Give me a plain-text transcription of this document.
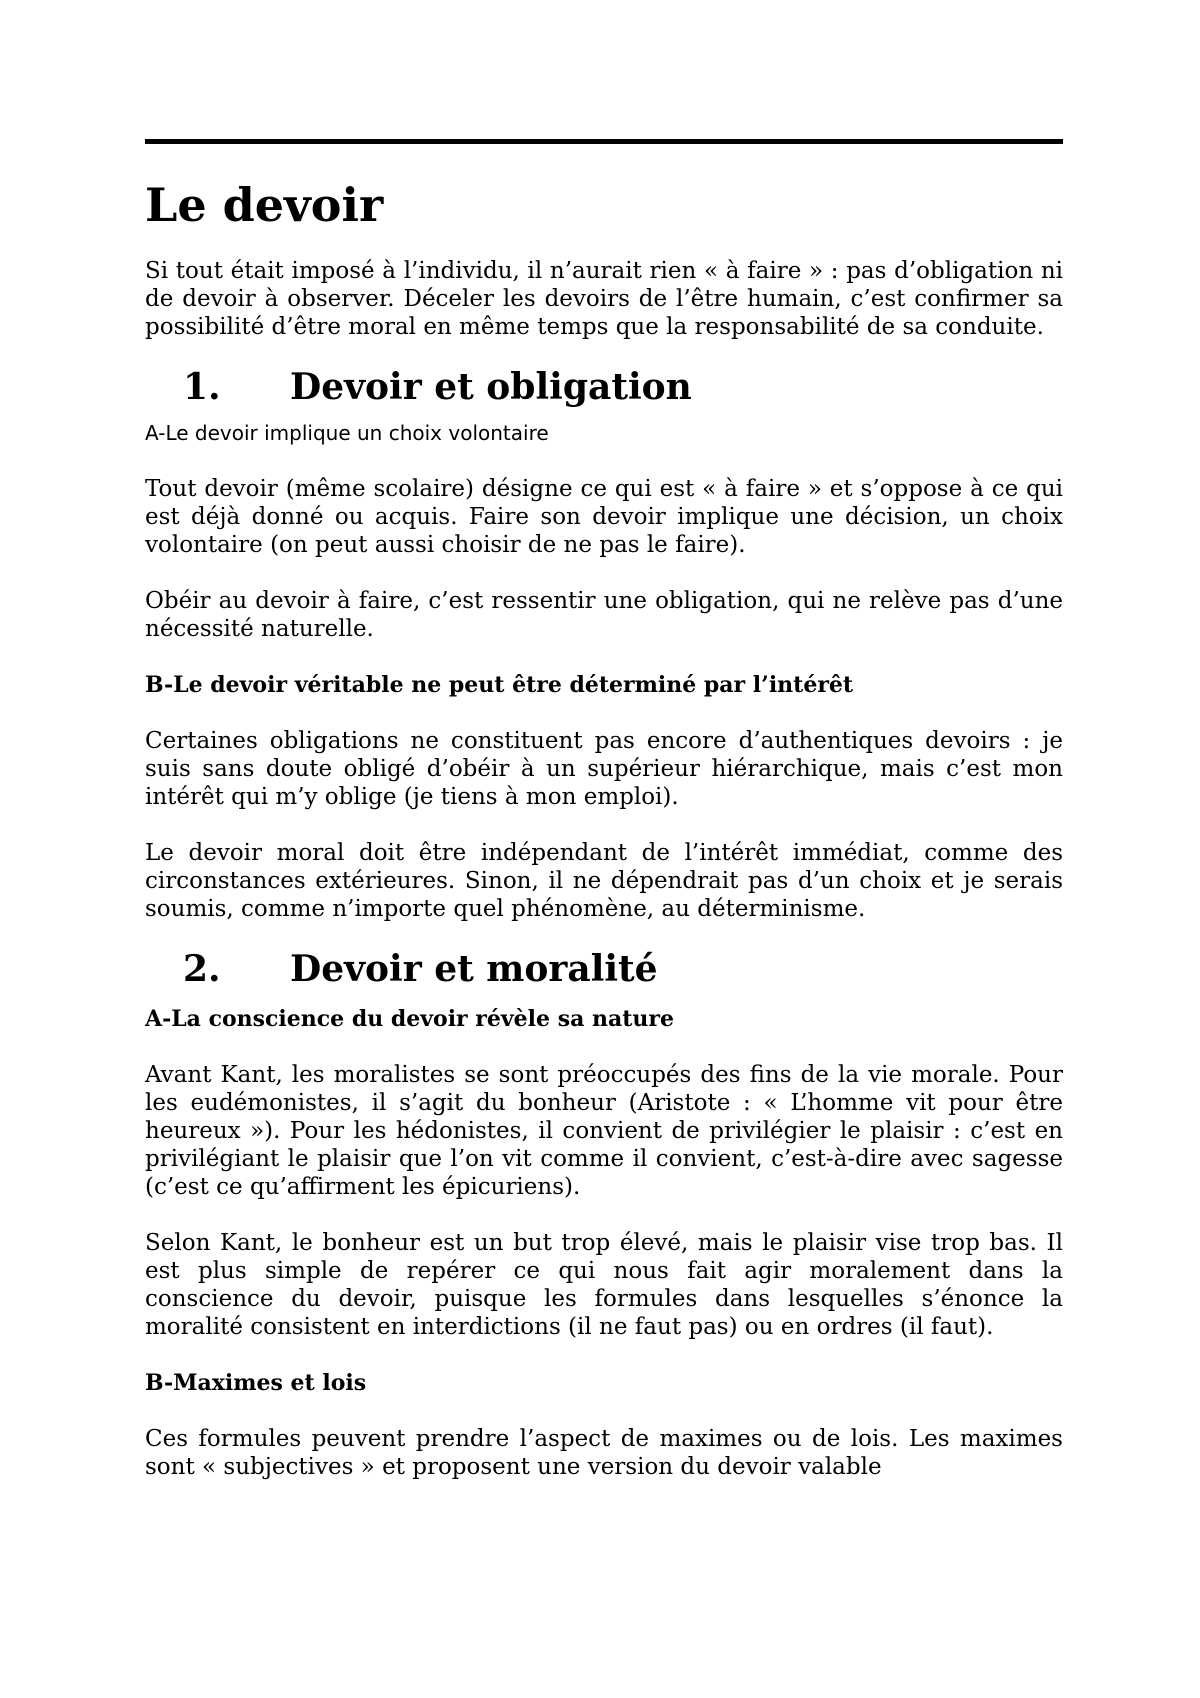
Le devoir

Si tout était imposé à l’individu, il n’aurait rien « à faire » : pas d’obligation ni de devoir à observer. Déceler les devoirs de l’être humain, c’est confirmer sa possibilité d’être moral en même temps que la responsabilité de sa conduite.

1.	Devoir et obligation

A-Le devoir implique un choix volontaire

Tout devoir (même scolaire) désigne ce qui est « à faire » et s’oppose à ce qui est déjà donné ou acquis. Faire son devoir implique une décision, un choix volontaire (on peut aussi choisir de ne pas le faire).

Obéir au devoir à faire, c’est ressentir une obligation, qui ne relève pas d’une nécessité naturelle.

B-Le devoir véritable ne peut être déterminé par l’intérêt

Certaines obligations ne constituent pas encore d’authentiques devoirs : je suis sans doute obligé d’obéir à un supérieur hiérarchique, mais c’est mon intérêt qui m’y oblige (je tiens à mon emploi).

Le devoir moral doit être indépendant de l’intérêt immédiat, comme des circonstances extérieures. Sinon, il ne dépendrait pas d’un choix et je serais soumis, comme n’importe quel phénomène, au déterminisme.

2.	Devoir et moralité

A-La conscience du devoir révèle sa nature

Avant Kant, les moralistes se sont préoccupés des fins de la vie morale. Pour les eudémonistes, il s’agit du bonheur (Aristote : « L’homme vit pour être heureux »). Pour les hédonistes, il convient de privilégier le plaisir : c’est en privilégiant le plaisir que l’on vit comme il convient, c’est-à-dire avec sagesse (c’est ce qu’affirment les épicuriens).

Selon Kant, le bonheur est un but trop élevé, mais le plaisir vise trop bas. Il est plus simple de repérer ce qui nous fait agir moralement dans la conscience du devoir, puisque les formules dans lesquelles s’énonce la moralité consistent en interdictions (il ne faut pas) ou en ordres (il faut).

B-Maximes et lois

Ces formules peuvent prendre l’aspect de maximes ou de lois. Les maximes sont « subjectives » et proposent une version du devoir valable
